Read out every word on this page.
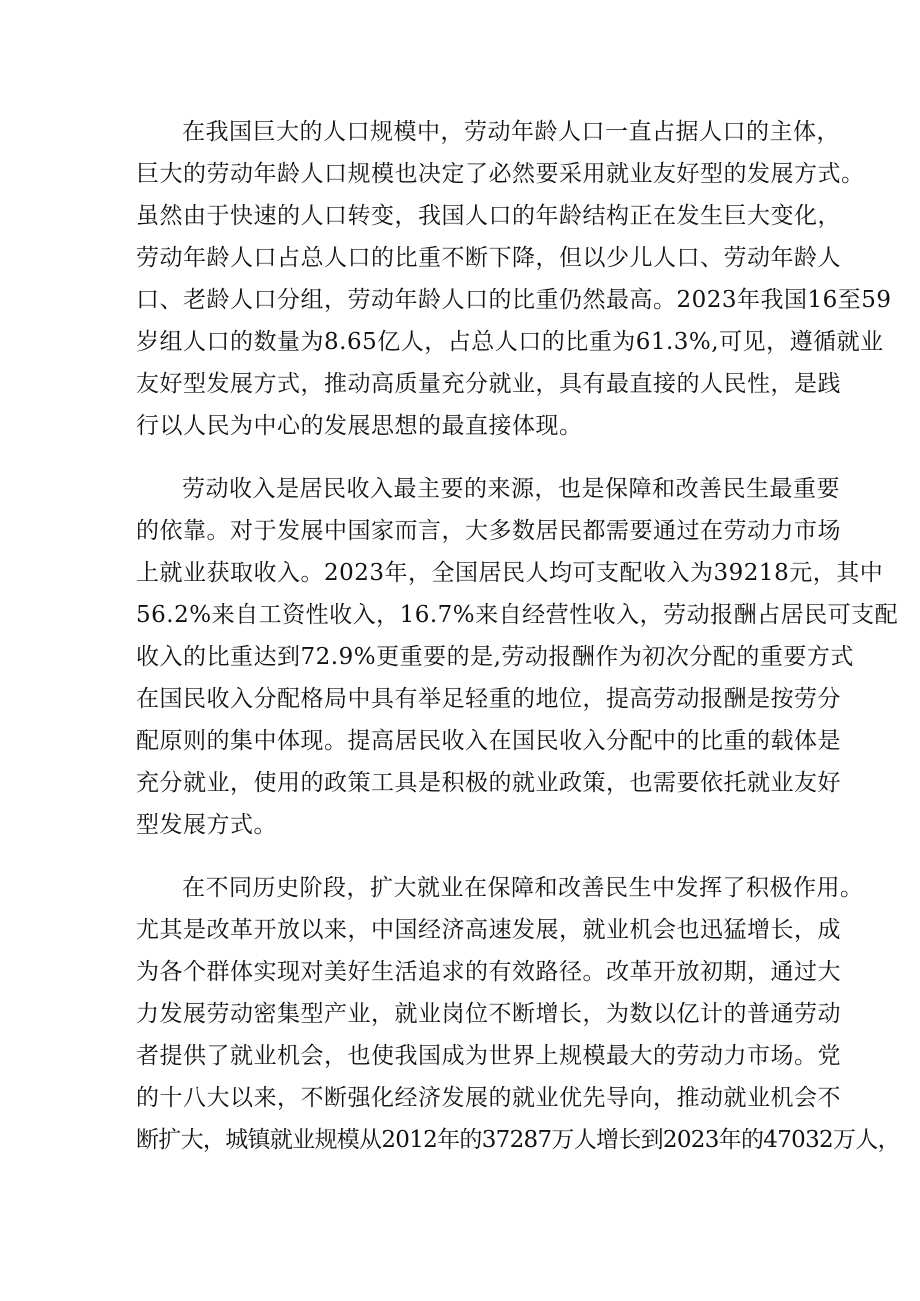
在我国巨大的人口规模中，劳动年龄人口一直占据人口的主体，
巨大的劳动年龄人口规模也决定了必然要采用就业友好型的发展方式。
虽然由于快速的人口转变，我国人口的年龄结构正在发生巨大变化，
劳动年龄人口占总人口的比重不断下降，但以少儿人口、劳动年龄人
口、老龄人口分组，劳动年龄人口的比重仍然最高。2023年我国16至59
岁组人口的数量为8.65亿人，占总人口的比重为61.3%,可见，遵循就业
友好型发展方式，推动高质量充分就业，具有最直接的人民性，是践
行以人民为中心的发展思想的最直接体现。
劳动收入是居民收入最主要的来源，也是保障和改善民生最重要
的依靠。对于发展中国家而言，大多数居民都需要通过在劳动力市场
上就业获取收入。2023年，全国居民人均可支配收入为39218元，其中
56.2%来自工资性收入，16.7%来自经营性收入，劳动报酬占居民可支配
收入的比重达到72.9%更重要的是,劳动报酬作为初次分配的重要方式
在国民收入分配格局中具有举足轻重的地位，提高劳动报酬是按劳分
配原则的集中体现。提高居民收入在国民收入分配中的比重的载体是
充分就业，使用的政策工具是积极的就业政策，也需要依托就业友好
型发展方式。
在不同历史阶段，扩大就业在保障和改善民生中发挥了积极作用。
尤其是改革开放以来，中国经济高速发展，就业机会也迅猛增长，成
为各个群体实现对美好生活追求的有效路径。改革开放初期，通过大
力发展劳动密集型产业，就业岗位不断增长，为数以亿计的普通劳动
者提供了就业机会，也使我国成为世界上规模最大的劳动力市场。党
的十八大以来，不断强化经济发展的就业优先导向，推动就业机会不
断扩大，城镇就业规模从2012年的37287万人增长到2023年的47032万人，
